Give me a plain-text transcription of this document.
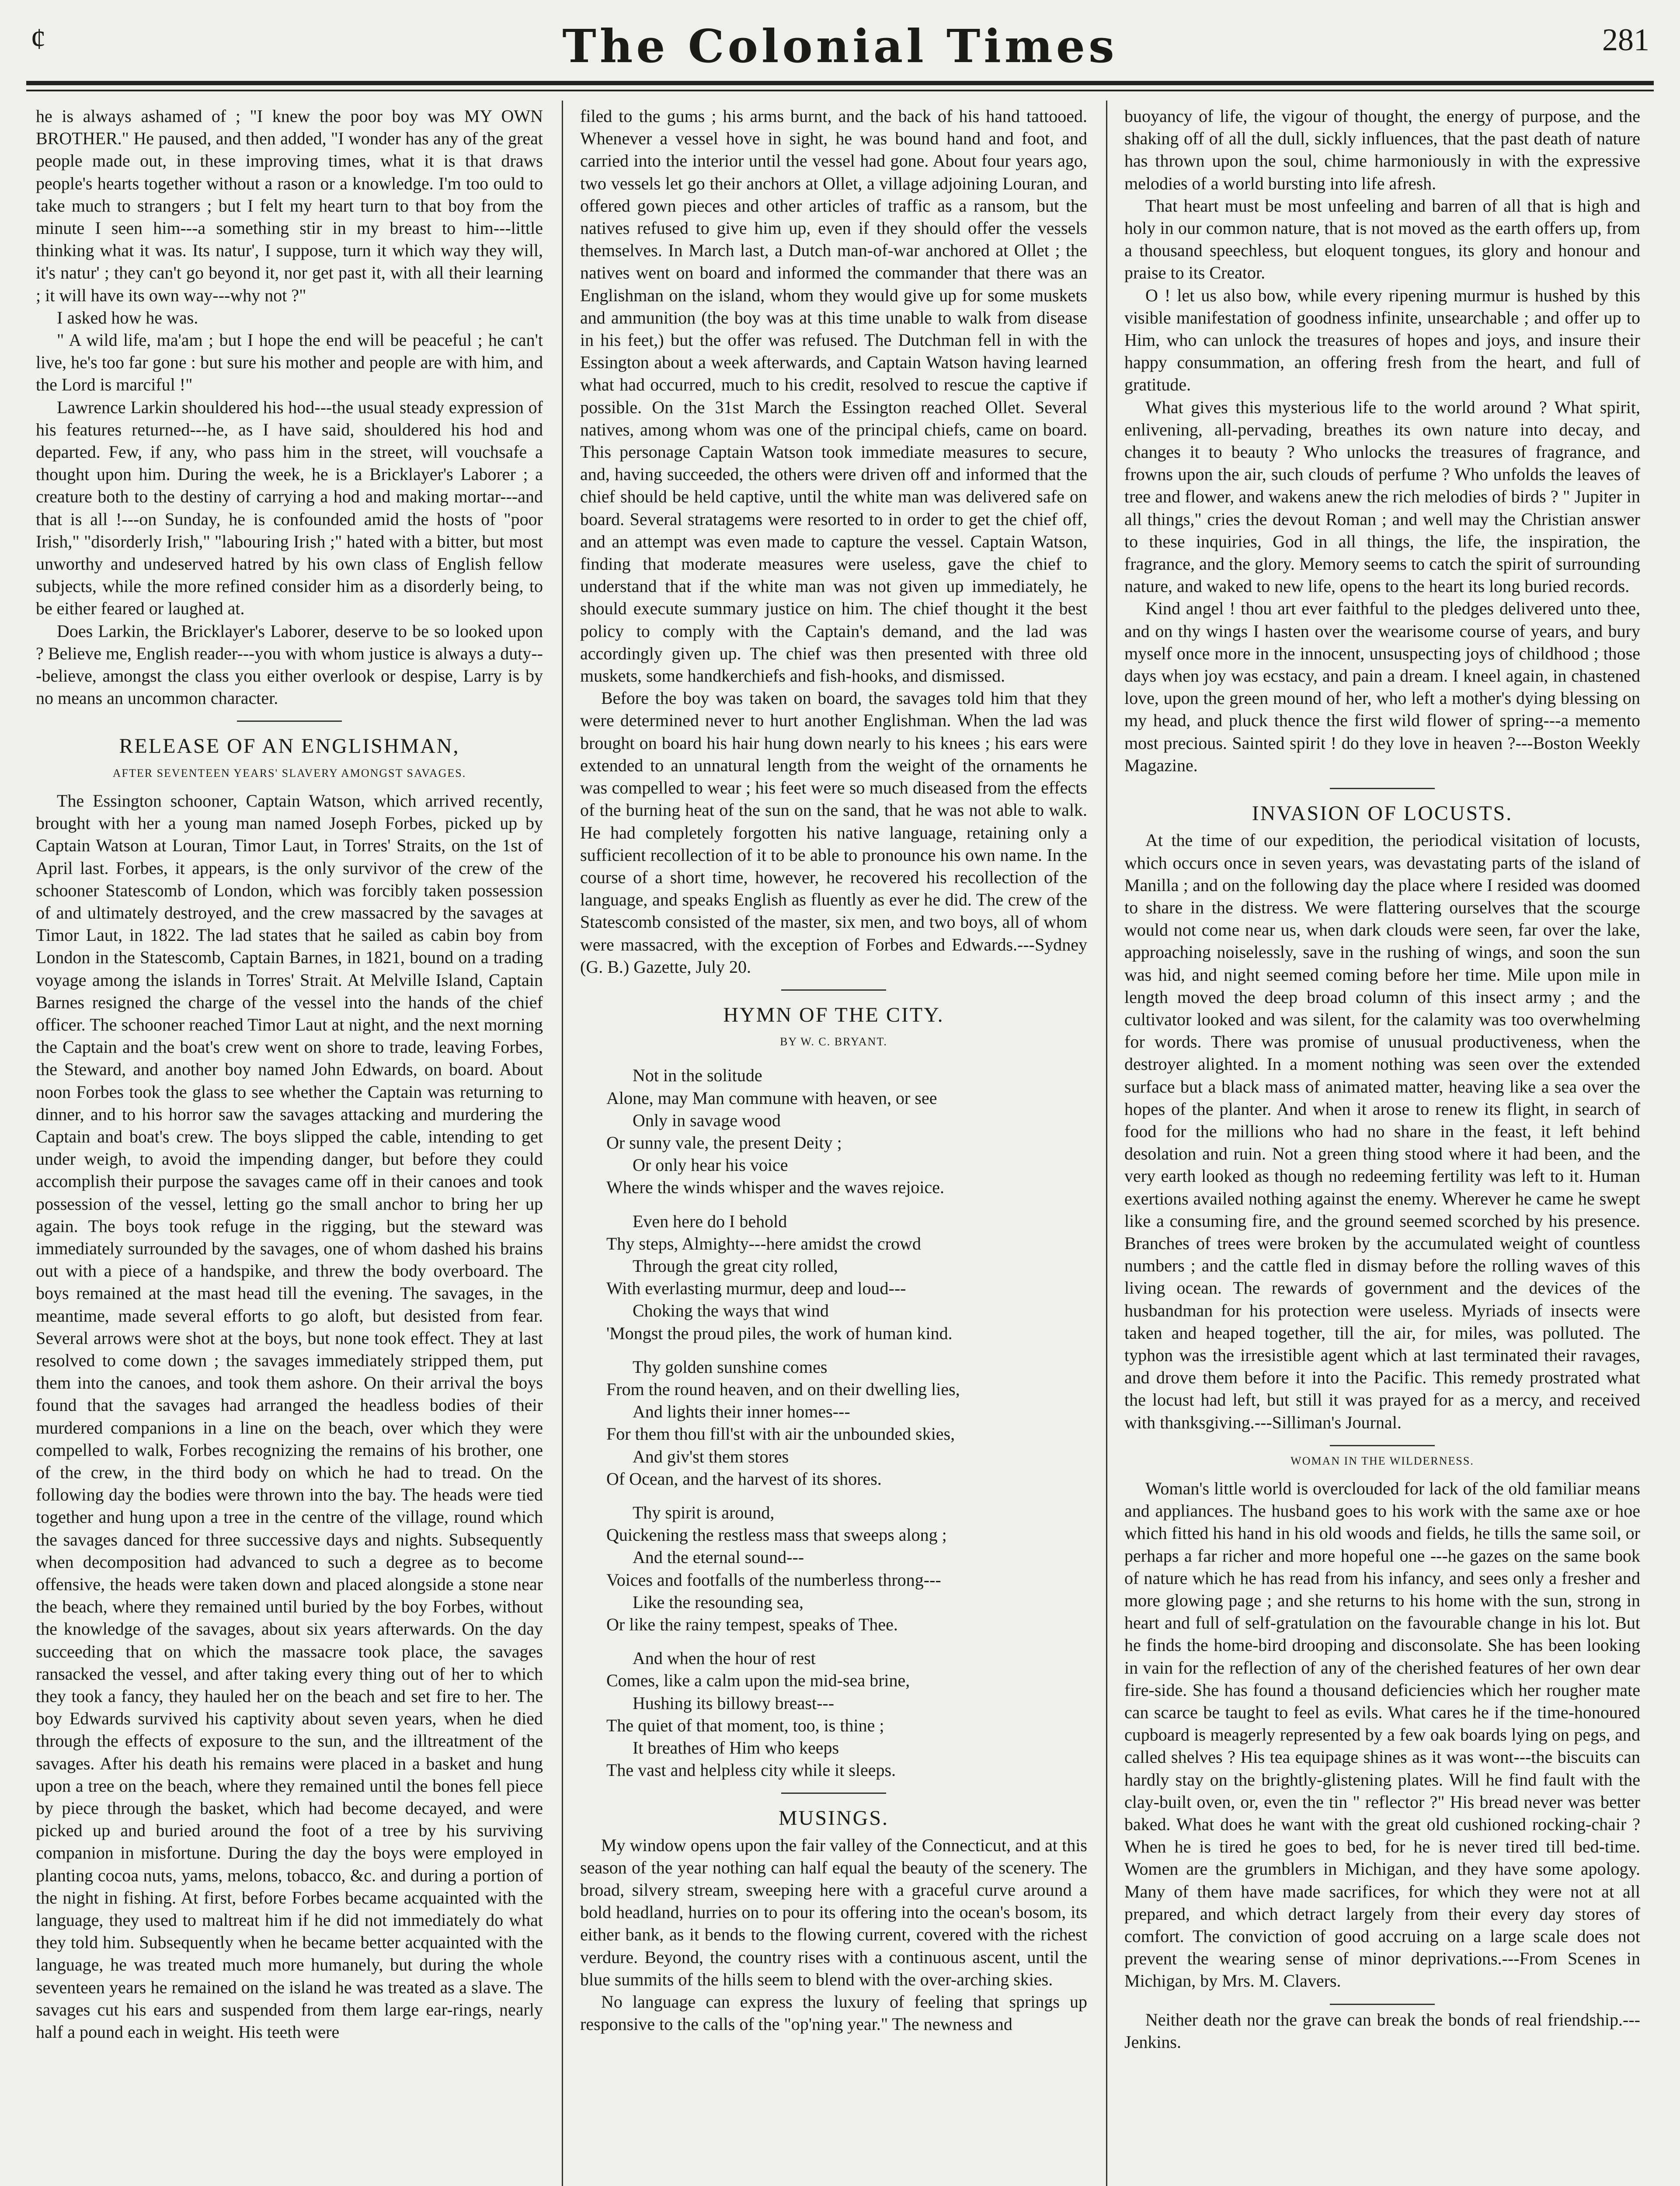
¢	The Colonial Times	281

he is always ashamed of ; "I knew the poor boy was MY OWN BROTHER." He paused, and then added, "I wonder has any of the great people made out, in these improving times, what it is that draws people's hearts together without a rason or a knowledge. I'm too ould to take much to strangers ; but I felt my heart turn to that boy from the minute I seen him---a something stir in my breast to him---little thinking what it was. Its natur', I suppose, turn it which way they will, it's natur' ; they can't go beyond it, nor get past it, with all their learning ; it will have its own way---why not ?"

I asked how he was.

" A wild life, ma'am ; but I hope the end will be peaceful ; he can't live, he's too far gone : but sure his mother and people are with him, and the Lord is marciful !"

Lawrence Larkin shouldered his hod---the usual steady expression of his features returned---he, as I have said, shouldered his hod and departed. Few, if any, who pass him in the street, will vouchsafe a thought upon him. During the week, he is a Bricklayer's Laborer ; a creature both to the destiny of carrying a hod and making mortar---and that is all !---on Sunday, he is confounded amid the hosts of "poor Irish," "disorderly Irish," "labouring Irish ;" hated with a bitter, but most unworthy and undeserved hatred by his own class of English fellow subjects, while the more refined consider him as a disorderly being, to be either feared or laughed at.

Does Larkin, the Bricklayer's Laborer, deserve to be so looked upon ? Believe me, English reader---you with whom justice is always a duty---believe, amongst the class you either overlook or despise, Larry is by no means an uncommon character.

RELEASE OF AN ENGLISHMAN,
AFTER SEVENTEEN YEARS' SLAVERY AMONGST SAVAGES.

The Essington schooner, Captain Watson, which arrived recently, brought with her a young man named Joseph Forbes, picked up by Captain Watson at Louran, Timor Laut, in Torres' Straits, on the 1st of April last. Forbes, it appears, is the only survivor of the crew of the schooner Statescomb of London, which was forcibly taken possession of and ultimately destroyed, and the crew massacred by the savages at Timor Laut, in 1822. The lad states that he sailed as cabin boy from London in the Statescomb, Captain Barnes, in 1821, bound on a trading voyage among the islands in Torres' Strait. At Melville Island, Captain Barnes resigned the charge of the vessel into the hands of the chief officer. The schooner reached Timor Laut at night, and the next morning the Captain and the boat's crew went on shore to trade, leaving Forbes, the Steward, and another boy named John Edwards, on board. About noon Forbes took the glass to see whether the Captain was returning to dinner, and to his horror saw the savages attacking and murdering the Captain and boat's crew. The boys slipped the cable, intending to get under weigh, to avoid the impending danger, but before they could accomplish their purpose the savages came off in their canoes and took possession of the vessel, letting go the small anchor to bring her up again. The boys took refuge in the rigging, but the steward was immediately surrounded by the savages, one of whom dashed his brains out with a piece of a handspike, and threw the body overboard. The boys remained at the mast head till the evening. The savages, in the meantime, made several efforts to go aloft, but desisted from fear. Several arrows were shot at the boys, but none took effect. They at last resolved to come down ; the savages immediately stripped them, put them into the canoes, and took them ashore. On their arrival the boys found that the savages had arranged the headless bodies of their murdered companions in a line on the beach, over which they were compelled to walk, Forbes recognizing the remains of his brother, one of the crew, in the third body on which he had to tread. On the following day the bodies were thrown into the bay. The heads were tied together and hung upon a tree in the centre of the village, round which the savages danced for three successive days and nights. Subsequently when decomposition had advanced to such a degree as to become offensive, the heads were taken down and placed alongside a stone near the beach, where they remained until buried by the boy Forbes, without the knowledge of the savages, about six years afterwards. On the day succeeding that on which the massacre took place, the savages ransacked the vessel, and after taking every thing out of her to which they took a fancy, they hauled her on the beach and set fire to her. The boy Edwards survived his captivity about seven years, when he died through the effects of exposure to the sun, and the illtreatment of the savages. After his death his remains were placed in a basket and hung upon a tree on the beach, where they remained until the bones fell piece by piece through the basket, which had become decayed, and were picked up and buried around the foot of a tree by his surviving companion in misfortune. During the day the boys were employed in planting cocoa nuts, yams, melons, tobacco, &c. and during a portion of the night in fishing. At first, before Forbes became acquainted with the language, they used to maltreat him if he did not immediately do what they told him. Subsequently when he became better acquainted with the language, he was treated much more humanely, but during the whole seventeen years he remained on the island he was treated as a slave. The savages cut his ears and suspended from them large ear-rings, nearly half a pound each in weight. His teeth were

filed to the gums ; his arms burnt, and the back of his hand tattooed. Whenever a vessel hove in sight, he was bound hand and foot, and carried into the interior until the vessel had gone. About four years ago, two vessels let go their anchors at Ollet, a village adjoining Louran, and offered gown pieces and other articles of traffic as a ransom, but the natives refused to give him up, even if they should offer the vessels themselves. In March last, a Dutch man-of-war anchored at Ollet ; the natives went on board and informed the commander that there was an Englishman on the island, whom they would give up for some muskets and ammunition (the boy was at this time unable to walk from disease in his feet,) but the offer was refused. The Dutchman fell in with the Essington about a week afterwards, and Captain Watson having learned what had occurred, much to his credit, resolved to rescue the captive if possible. On the 31st March the Essington reached Ollet. Several natives, among whom was one of the principal chiefs, came on board. This personage Captain Watson took immediate measures to secure, and, having succeeded, the others were driven off and informed that the chief should be held captive, until the white man was delivered safe on board. Several stratagems were resorted to in order to get the chief off, and an attempt was even made to capture the vessel. Captain Watson, finding that moderate measures were useless, gave the chief to understand that if the white man was not given up immediately, he should execute summary justice on him. The chief thought it the best policy to comply with the Captain's demand, and the lad was accordingly given up. The chief was then presented with three old muskets, some handkerchiefs and fish-hooks, and dismissed.

Before the boy was taken on board, the savages told him that they were determined never to hurt another Englishman. When the lad was brought on board his hair hung down nearly to his knees ; his ears were extended to an unnatural length from the weight of the ornaments he was compelled to wear ; his feet were so much diseased from the effects of the burning heat of the sun on the sand, that he was not able to walk. He had completely forgotten his native language, retaining only a sufficient recollection of it to be able to pronounce his own name. In the course of a short time, however, he recovered his recollection of the language, and speaks English as fluently as ever he did. The crew of the Statescomb consisted of the master, six men, and two boys, all of whom were massacred, with the exception of Forbes and Edwards.---Sydney (G. B.) Gazette, July 20.

HYMN OF THE CITY.
BY W. C. BRYANT.
Not in the solitude
Alone, may Man commune with heaven, or see
Only in savage wood
Or sunny vale, the present Deity ;
Or only hear his voice
Where the winds whisper and the waves rejoice.
Even here do I behold
Thy steps, Almighty---here amidst the crowd
Through the great city rolled,
With everlasting murmur, deep and loud---
Choking the ways that wind
'Mongst the proud piles, the work of human kind.
Thy golden sunshine comes
From the round heaven, and on their dwelling lies,
And lights their inner homes---
For them thou fill'st with air the unbounded skies,
And giv'st them stores
Of Ocean, and the harvest of its shores.
Thy spirit is around,
Quickening the restless mass that sweeps along ;
And the eternal sound---
Voices and footfalls of the numberless throng---
Like the resounding sea,
Or like the rainy tempest, speaks of Thee.
And when the hour of rest
Comes, like a calm upon the mid-sea brine,
Hushing its billowy breast---
The quiet of that moment, too, is thine ;
It breathes of Him who keeps
The vast and helpless city while it sleeps.
MUSINGS.

My window opens upon the fair valley of the Connecticut, and at this season of the year nothing can half equal the beauty of the scenery. The broad, silvery stream, sweeping here with a graceful curve around a bold headland, hurries on to pour its offering into the ocean's bosom, its either bank, as it bends to the flowing current, covered with the richest verdure. Beyond, the country rises with a continuous ascent, until the blue summits of the hills seem to blend with the over-arching skies.

No language can express the luxury of feeling that springs up responsive to the calls of the "op'ning year." The newness and

buoyancy of life, the vigour of thought, the energy of purpose, and the shaking off of all the dull, sickly influences, that the past death of nature has thrown upon the soul, chime harmoniously in with the expressive melodies of a world bursting into life afresh.

That heart must be most unfeeling and barren of all that is high and holy in our common nature, that is not moved as the earth offers up, from a thousand speechless, but eloquent tongues, its glory and honour and praise to its Creator.

O ! let us also bow, while every ripening murmur is hushed by this visible manifestation of goodness infinite, unsearchable ; and offer up to Him, who can unlock the treasures of hopes and joys, and insure their happy consummation, an offering fresh from the heart, and full of gratitude.

What gives this mysterious life to the world around ? What spirit, enlivening, all-pervading, breathes its own nature into decay, and changes it to beauty ? Who unlocks the treasures of fragrance, and frowns upon the air, such clouds of perfume ? Who unfolds the leaves of tree and flower, and wakens anew the rich melodies of birds ? " Jupiter in all things," cries the devout Roman ; and well may the Christian answer to these inquiries, God in all things, the life, the inspiration, the fragrance, and the glory. Memory seems to catch the spirit of surrounding nature, and waked to new life, opens to the heart its long buried records.

Kind angel ! thou art ever faithful to the pledges delivered unto thee, and on thy wings I hasten over the wearisome course of years, and bury myself once more in the innocent, unsuspecting joys of childhood ; those days when joy was ecstacy, and pain a dream. I kneel again, in chastened love, upon the green mound of her, who left a mother's dying blessing on my head, and pluck thence the first wild flower of spring---a memento most precious. Sainted spirit ! do they love in heaven ?---Boston Weekly Magazine.

INVASION OF LOCUSTS.

At the time of our expedition, the periodical visitation of locusts, which occurs once in seven years, was devastating parts of the island of Manilla ; and on the following day the place where I resided was doomed to share in the distress. We were flattering ourselves that the scourge would not come near us, when dark clouds were seen, far over the lake, approaching noiselessly, save in the rushing of wings, and soon the sun was hid, and night seemed coming before her time. Mile upon mile in length moved the deep broad column of this insect army ; and the cultivator looked and was silent, for the calamity was too overwhelming for words. There was promise of unusual productiveness, when the destroyer alighted. In a moment nothing was seen over the extended surface but a black mass of animated matter, heaving like a sea over the hopes of the planter. And when it arose to renew its flight, in search of food for the millions who had no share in the feast, it left behind desolation and ruin. Not a green thing stood where it had been, and the very earth looked as though no redeeming fertility was left to it. Human exertions availed nothing against the enemy. Wherever he came he swept like a consuming fire, and the ground seemed scorched by his presence. Branches of trees were broken by the accumulated weight of countless numbers ; and the cattle fled in dismay before the rolling waves of this living ocean. The rewards of government and the devices of the husbandman for his protection were useless. Myriads of insects were taken and heaped together, till the air, for miles, was polluted. The typhon was the irresistible agent which at last terminated their ravages, and drove them before it into the Pacific. This remedy prostrated what the locust had left, but still it was prayed for as a mercy, and received with thanksgiving.---Silliman's Journal.

WOMAN IN THE WILDERNESS.

Woman's little world is overclouded for lack of the old familiar means and appliances. The husband goes to his work with the same axe or hoe which fitted his hand in his old woods and fields, he tills the same soil, or perhaps a far richer and more hopeful one ---he gazes on the same book of nature which he has read from his infancy, and sees only a fresher and more glowing page ; and she returns to his home with the sun, strong in heart and full of self-gratulation on the favourable change in his lot. But he finds the home-bird drooping and disconsolate. She has been looking in vain for the reflection of any of the cherished features of her own dear fire-side. She has found a thousand deficiencies which her rougher mate can scarce be taught to feel as evils. What cares he if the time-honoured cupboard is meagerly represented by a few oak boards lying on pegs, and called shelves ? His tea equipage shines as it was wont---the biscuits can hardly stay on the brightly-glistening plates. Will he find fault with the clay-built oven, or, even the tin " reflector ?" His bread never was better baked. What does he want with the great old cushioned rocking-chair ? When he is tired he goes to bed, for he is never tired till bed-time. Women are the grumblers in Michigan, and they have some apology. Many of them have made sacrifices, for which they were not at all prepared, and which detract largely from their every day stores of comfort. The conviction of good accruing on a large scale does not prevent the wearing sense of minor deprivations.---From Scenes in Michigan, by Mrs. M. Clavers.

Neither death nor the grave can break the bonds of real friendship.---Jenkins.
